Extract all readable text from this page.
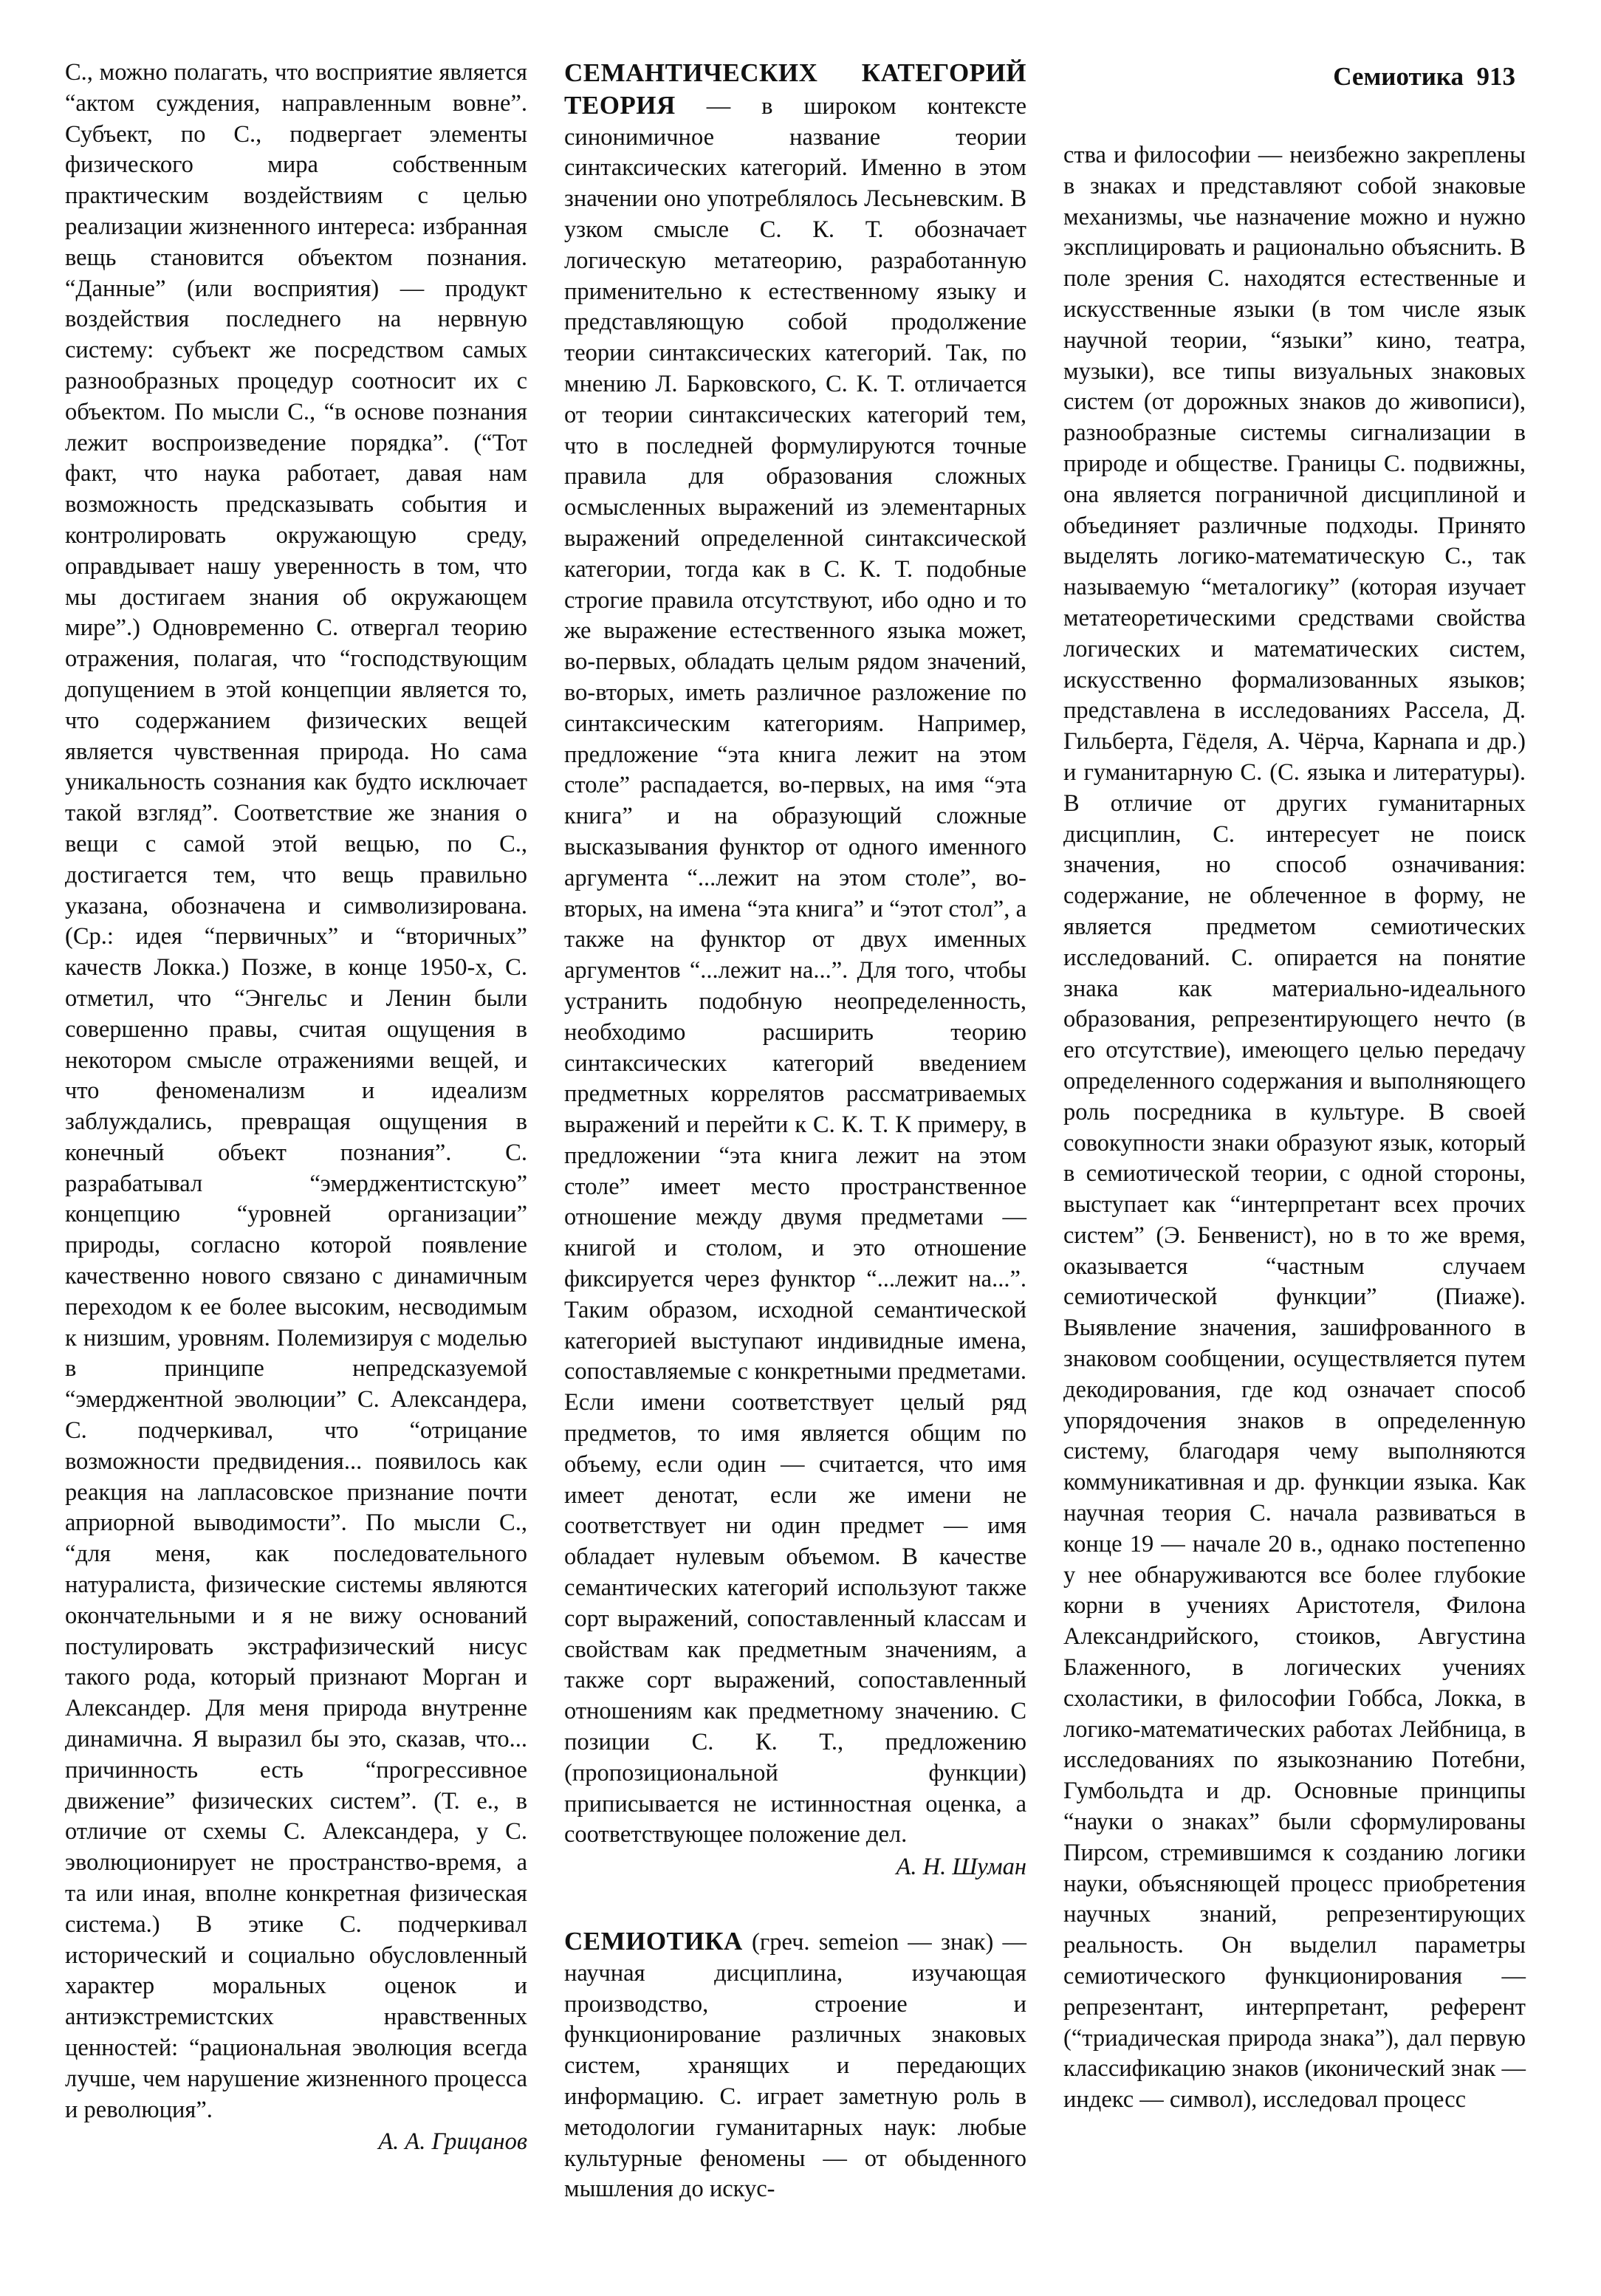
Семиотика 913

С., можно полагать, что восприятие является “актом суждения, направленным вовне”. Субъект, по С., подвергает элементы физического мира собственным практическим воздействиям с целью реализации жизненного интереса: избранная вещь становится объектом познания. “Данные” (или восприятия) — продукт воздействия последнего на нервную систему: субъект же посредством самых разнообразных процедур соотносит их с объектом. По мысли С., “в основе познания лежит воспроизведение порядка”. (“Тот факт, что наука работает, давая нам возможность предсказывать события и контролировать окружающую среду, оправдывает нашу уверенность в том, что мы достигаем знания об окружающем мире”.) Одновременно С. отвергал теорию отражения, полагая, что “господствующим допущением в этой концепции является то, что содержанием физических вещей является чувственная природа. Но сама уникальность сознания как будто исключает такой взгляд”. Соответствие же знания о вещи с самой этой вещью, по С., достигается тем, что вещь правильно указана, обозначена и символизирована. (Ср.: идея “первичных” и “вторичных” качеств Локка.) Позже, в конце 1950-х, С. отметил, что “Энгельс и Ленин были совершенно правы, считая ощущения в некотором смысле отражениями вещей, и что феноменализм и идеализм заблуждались, превращая ощущения в конечный объект познания”. С. разрабатывал “эмерджентистскую” концепцию “уровней организации” природы, согласно которой появление качественно нового связано с динамичным переходом к ее более высоким, несводимым к низшим, уровням. Полемизируя с моделью в принципе непредсказуемой “эмерджентной эволюции” С. Александера, С. подчеркивал, что “отрицание возможности предвидения... появилось как реакция на лапласовское признание почти априорной выводимости”. По мысли С., “для меня, как последовательного натуралиста, физические системы являются окончательными и я не вижу оснований постулировать экстрафизический нисус такого рода, который признают Морган и Александер. Для меня природа внутренне динамична. Я выразил бы это, сказав, что... причинность есть “прогрессивное движение” физических систем”. (Т. е., в отличие от схемы С. Александера, у С. эволюционирует не пространство-время, а та или иная, вполне конкретная физическая система.) В этике С. подчеркивал исторический и социально обусловленный характер моральных оценок и антиэкстремистских нравственных ценностей: “рациональная эволюция всегда лучше, чем нарушение жизненного процесса и революция”.

А. А. Грицанов

СЕМАНТИЧЕСКИХ КАТЕГОРИЙ ТЕОРИЯ — в широком контексте синонимичное название теории синтаксических категорий. Именно в этом значении оно употреблялось Лесьневским. В узком смысле С. К. Т. обозначает логическую метатеорию, разработанную применительно к естественному языку и представляющую собой продолжение теории синтаксических категорий. Так, по мнению Л. Барковского, С. К. Т. отличается от теории синтаксических категорий тем, что в последней формулируются точные правила для образования сложных осмысленных выражений из элементарных выражений определенной синтаксической категории, тогда как в С. К. Т. подобные строгие правила отсутствуют, ибо одно и то же выражение естественного языка может, во-первых, обладать целым рядом значений, во-вторых, иметь различное разложение по синтаксическим категориям. Например, предложение “эта книга лежит на этом столе” распадается, во-первых, на имя “эта книга” и на образующий сложные высказывания функтор от одного именного аргумента “...лежит на этом столе”, во-вторых, на имена “эта книга” и “этот стол”, а также на функтор от двух именных аргументов “...лежит на...”. Для того, чтобы устранить подобную неопределенность, необходимо расширить теорию синтаксических категорий введением предметных коррелятов рассматриваемых выражений и перейти к С. К. Т. К примеру, в предложении “эта книга лежит на этом столе” имеет место пространственное отношение между двумя предметами — книгой и столом, и это отношение фиксируется через функтор “...лежит на...”. Таким образом, исходной семантической категорией выступают индивидные имена, сопоставляемые с конкретными предметами. Если имени соответствует целый ряд предметов, то имя является общим по объему, если один — считается, что имя имеет денотат, если же имени не соответствует ни один предмет — имя обладает нулевым объемом. В качестве семантических категорий используют также сорт выражений, сопоставленный классам и свойствам как предметным значениям, а также сорт выражений, сопоставленный отношениям как предметному значению. С позиции С. К. Т., предложению (пропозициональной функции) приписывается не истинностная оценка, а соответствующее положение дел.

А. Н. Шуман

СЕМИОТИКА (греч. semeion — знак) — научная дисциплина, изучающая производство, строение и функционирование различных знаковых систем, хранящих и передающих информацию. С. играет заметную роль в методологии гуманитарных наук: любые культурные феномены — от обыденного мышления до искус-

ства и философии — неизбежно закреплены в знаках и представляют собой знаковые механизмы, чье назначение можно и нужно эксплицировать и рационально объяснить. В поле зрения С. находятся естественные и искусственные языки (в том числе язык научной теории, “языки” кино, театра, музыки), все типы визуальных знаковых систем (от дорожных знаков до живописи), разнообразные системы сигнализации в природе и обществе. Границы С. подвижны, она является пограничной дисциплиной и объединяет различные подходы. Принято выделять логико-математическую С., так называемую “металогику” (которая изучает метатеоретическими средствами свойства логических и математических систем, искусственно формализованных языков; представлена в исследованиях Рассела, Д. Гильберта, Гёделя, А. Чёрча, Карнапа и др.) и гуманитарную С. (С. языка и литературы). В отличие от других гуманитарных дисциплин, С. интересует не поиск значения, но способ означивания: содержание, не облеченное в форму, не является предметом семиотических исследований. С. опирается на понятие знака как материально-идеального образования, репрезентирующего нечто (в его отсутствие), имеющего целью передачу определенного содержания и выполняющего роль посредника в культуре. В своей совокупности знаки образуют язык, который в семиотической теории, с одной стороны, выступает как “интерпретант всех прочих систем” (Э. Бенвенист), но в то же время, оказывается “частным случаем семиотической функции” (Пиаже). Выявление значения, зашифрованного в знаковом сообщении, осуществляется путем декодирования, где код означает способ упорядочения знаков в определенную систему, благодаря чему выполняются коммуникативная и др. функции языка. Как научная теория С. начала развиваться в конце 19 — начале 20 в., однако постепенно у нее обнаруживаются все более глубокие корни в учениях Аристотеля, Филона Александрийского, стоиков, Августина Блаженного, в логических учениях схоластики, в философии Гоббса, Локка, в логико-математических работах Лейбница, в исследованиях по языкознанию Потебни, Гумбольдта и др. Основные принципы “науки о знаках” были сформулированы Пирсом, стремившимся к созданию логики науки, объясняющей процесс приобретения научных знаний, репрезентирующих реальность. Он выделил параметры семиотического функционирования — репрезентант, интерпретант, референт (“триадическая природа знака”), дал первую классификацию знаков (иконический знак — индекс — символ), исследовал процесс
